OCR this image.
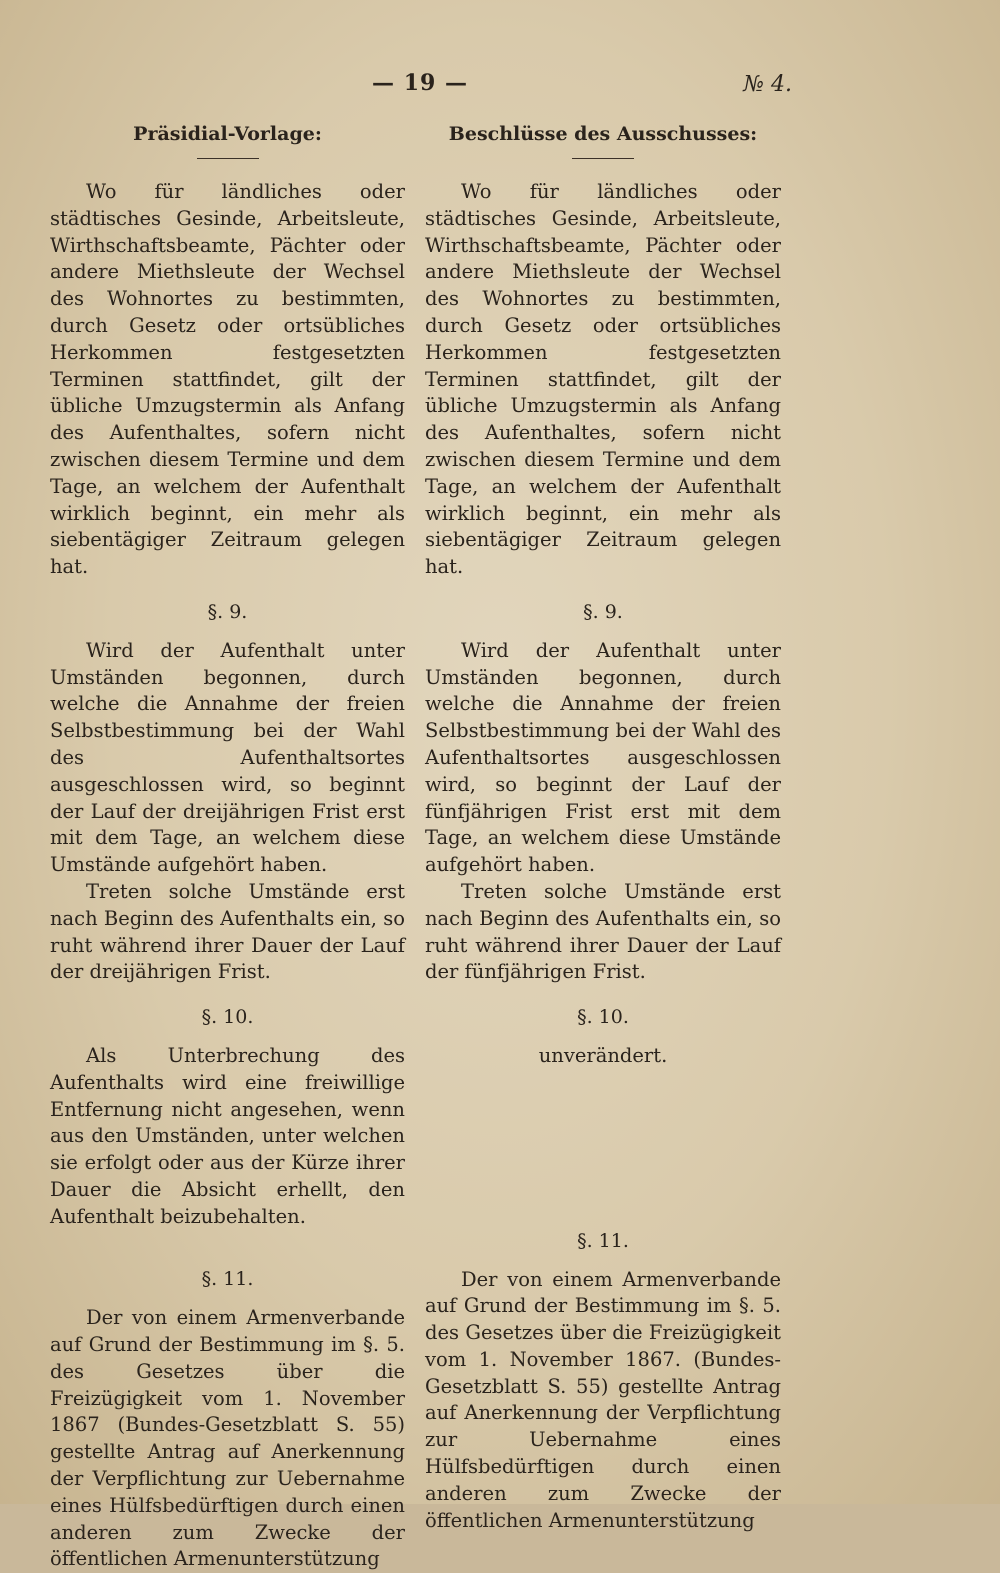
— 19 —	№ 4.
Präsidial-Vorlage:

Wo für ländliches oder städtisches Gesinde, Arbeitsleute, Wirthschaftsbeamte, Pächter oder andere Miethsleute der Wechsel des Wohnortes zu bestimmten, durch Gesetz oder ortsübliches Herkommen festgesetzten Terminen stattfindet, gilt der übliche Umzugstermin als Anfang des Aufenthaltes, sofern nicht zwischen diesem Termine und dem Tage, an welchem der Aufenthalt wirklich beginnt, ein mehr als siebentägiger Zeitraum gelegen hat.

§. 9.

Wird der Aufenthalt unter Umständen begonnen, durch welche die Annahme der freien Selbstbestimmung bei der Wahl des Aufenthaltsortes ausgeschlossen wird, so beginnt der Lauf der dreijährigen Frist erst mit dem Tage, an welchem diese Umstände aufgehört haben.

Treten solche Umstände erst nach Beginn des Aufenthalts ein, so ruht während ihrer Dauer der Lauf der dreijährigen Frist.

§. 10.

Als Unterbrechung des Aufenthalts wird eine freiwillige Entfernung nicht angesehen, wenn aus den Umständen, unter welchen sie erfolgt oder aus der Kürze ihrer Dauer die Absicht erhellt, den Aufenthalt beizubehalten.

§. 11.

Der von einem Armenverbande auf Grund der Bestimmung im §. 5. des Gesetzes über die Freizügigkeit vom 1. November 1867 (Bundes-Gesetzblatt S. 55) gestellte Antrag auf Anerkennung der Verpflichtung zur Uebernahme eines Hülfsbedürftigen durch einen anderen zum Zwecke der öffentlichen Armenunterstützung

Beschlüsse des Ausschusses:

Wo für ländliches oder städtisches Gesinde, Arbeitsleute, Wirthschaftsbeamte, Pächter oder andere Miethsleute der Wechsel des Wohnortes zu bestimmten, durch Gesetz oder ortsübliches Herkommen festgesetzten Terminen stattfindet, gilt der übliche Umzugstermin als Anfang des Aufenthaltes, sofern nicht zwischen diesem Termine und dem Tage, an welchem der Aufenthalt wirklich beginnt, ein mehr als siebentägiger Zeitraum gelegen hat.

§. 9.

Wird der Aufenthalt unter Umständen begonnen, durch welche die Annahme der freien Selbstbestimmung bei der Wahl des Aufenthaltsortes ausgeschlossen wird, so beginnt der Lauf der fünfjährigen Frist erst mit dem Tage, an welchem diese Umstände aufgehört haben.

Treten solche Umstände erst nach Beginn des Aufenthalts ein, so ruht während ihrer Dauer der Lauf der fünfjährigen Frist.

§. 10.

unverändert.

§. 11.

Der von einem Armenverbande auf Grund der Bestimmung im §. 5. des Gesetzes über die Freizügigkeit vom 1. November 1867. (Bundes-Gesetzblatt S. 55) gestellte Antrag auf Anerkennung der Verpflichtung zur Uebernahme eines Hülfsbedürftigen durch einen anderen zum Zwecke der öffentlichen Armenunterstützung
